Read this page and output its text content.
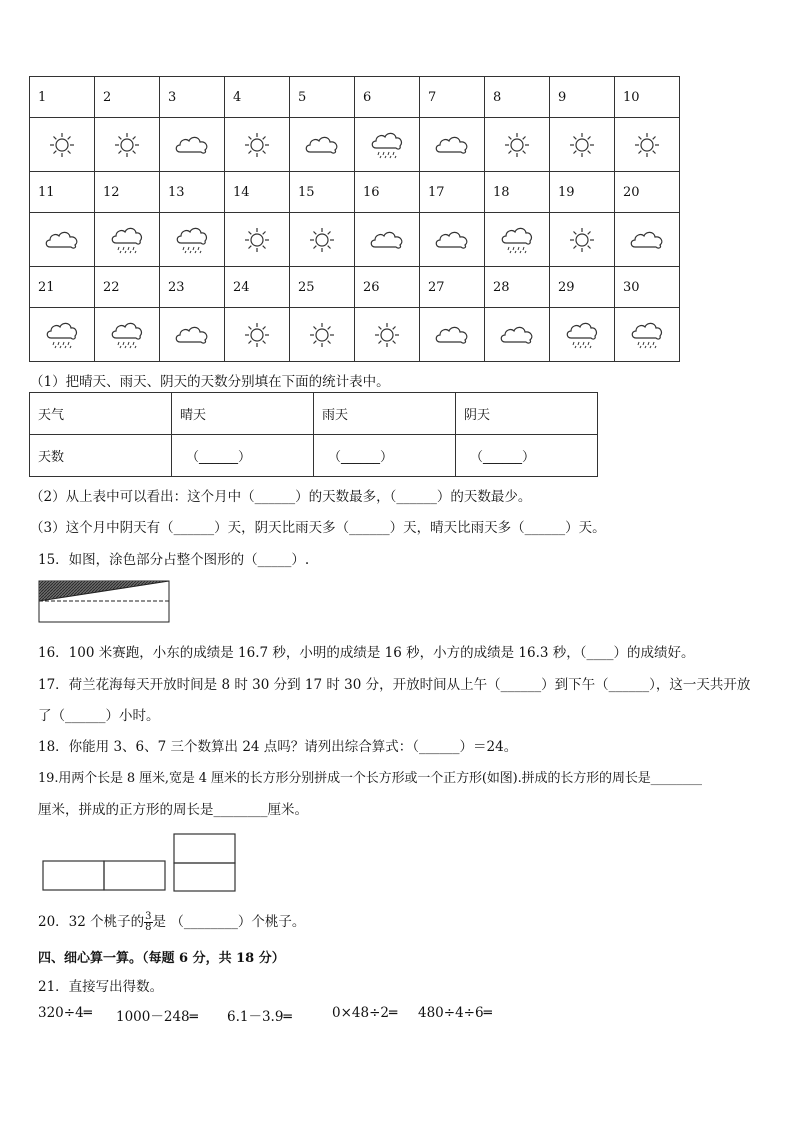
1	2	3	4	5	6	7	8	9	10

11	12	13	14	15	16	17	18	19	20

21	22	23	24	25	26	27	28	29	30

（1）把晴天、雨天、阴天的天数分别填在下面的统计表中。
天气	晴天	雨天	阴天
天数	（______）	（______）	（______）
（2）从上表中可以看出：这个月中（______）的天数最多，（______）的天数最少。
（3）这个月中阴天有（______）天，阴天比雨天多（______）天，晴天比雨天多（______）天。
15．如图，涂色部分占整个图形的（_____）.
16．100 米赛跑，小东的成绩是 16.7 秒，小明的成绩是 16 秒，小方的成绩是 16.3 秒，（____）的成绩好。
17．荷兰花海每天开放时间是 8 时 30 分到 17 时 30 分，开放时间从上午（______）到下午（______），这一天共开放
了（______）小时。
18．你能用 3、6、7 三个数算出 24 点吗？请列出综合算式：（______）＝24。
19.用两个长是 8 厘米,宽是 4 厘米的长方形分别拼成一个长方形或一个正方形(如图).拼成的长方形的周长是________
厘米，拼成的正方形的周长是________厘米。
20．32 个桃子的 $\frac{3}{8}$ 是 （________）个桃子。
四、细心算一算。（每题 6 分，共 18 分）
21．直接写出得数。
320÷4═ 1000－248═ 6.1－3.9═	0×48÷2═ 480÷4÷6═
